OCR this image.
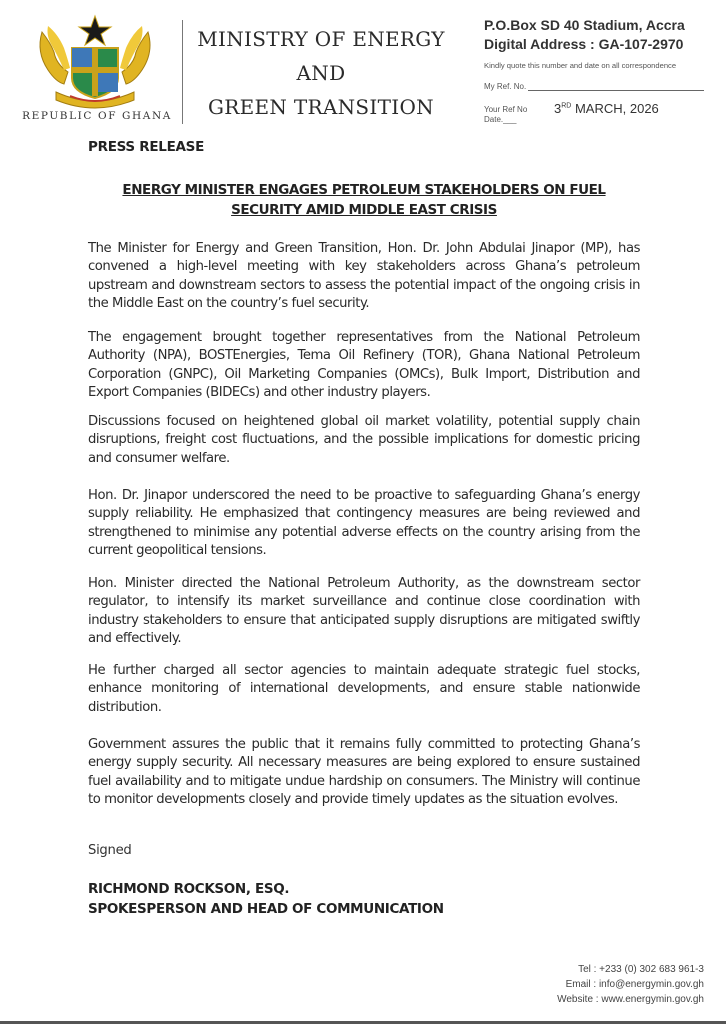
REPUBLIC OF GHANA
MINISTRY OF ENERGY
AND
GREEN TRANSITION
P.O.Box SD 40 Stadium, Accra
Digital Address : GA-107-2970
Kindly quote this number and date on all correspondence
My Ref. No.
Your Ref No
Date.___
3RD MARCH, 2026
PRESS RELEASE
ENERGY MINISTER ENGAGES PETROLEUM STAKEHOLDERS ON FUEL SECURITY AMID MIDDLE EAST CRISIS

The Minister for Energy and Green Transition, Hon. Dr. John Abdulai Jinapor (MP), has convened a high-level meeting with key stakeholders across Ghana’s petroleum upstream and downstream sectors to assess the potential impact of the ongoing crisis in the Middle East on the country’s fuel security.

The engagement brought together representatives from the National Petroleum Authority (NPA), BOSTEnergies, Tema Oil Refinery (TOR), Ghana National Petroleum Corporation (GNPC), Oil Marketing Companies (OMCs), Bulk Import, Distribution and Export Companies (BIDECs) and other industry players.

Discussions focused on heightened global oil market volatility, potential supply chain disruptions, freight cost fluctuations, and the possible implications for domestic pricing and consumer welfare.

Hon. Dr. Jinapor underscored the need to be proactive to safeguarding Ghana’s energy supply reliability. He emphasized that contingency measures are being reviewed and strengthened to minimise any potential adverse effects on the country arising from the current geopolitical tensions.

Hon. Minister directed the National Petroleum Authority, as the downstream sector regulator, to intensify its market surveillance and continue close coordination with industry stakeholders to ensure that anticipated supply disruptions are mitigated swiftly and effectively.

He further charged all sector agencies to maintain adequate strategic fuel stocks, enhance monitoring of international developments, and ensure stable nationwide distribution.

Government assures the public that it remains fully committed to protecting Ghana’s energy supply security. All necessary measures are being explored to ensure sustained fuel availability and to mitigate undue hardship on consumers. The Ministry will continue to monitor developments closely and provide timely updates as the situation evolves.

Signed
RICHMOND ROCKSON, ESQ.
SPOKESPERSON AND HEAD OF COMMUNICATION
Tel : +233 (0) 302 683 961-3
Email : info@energymin.gov.gh
Website : www.energymin.gov.gh
